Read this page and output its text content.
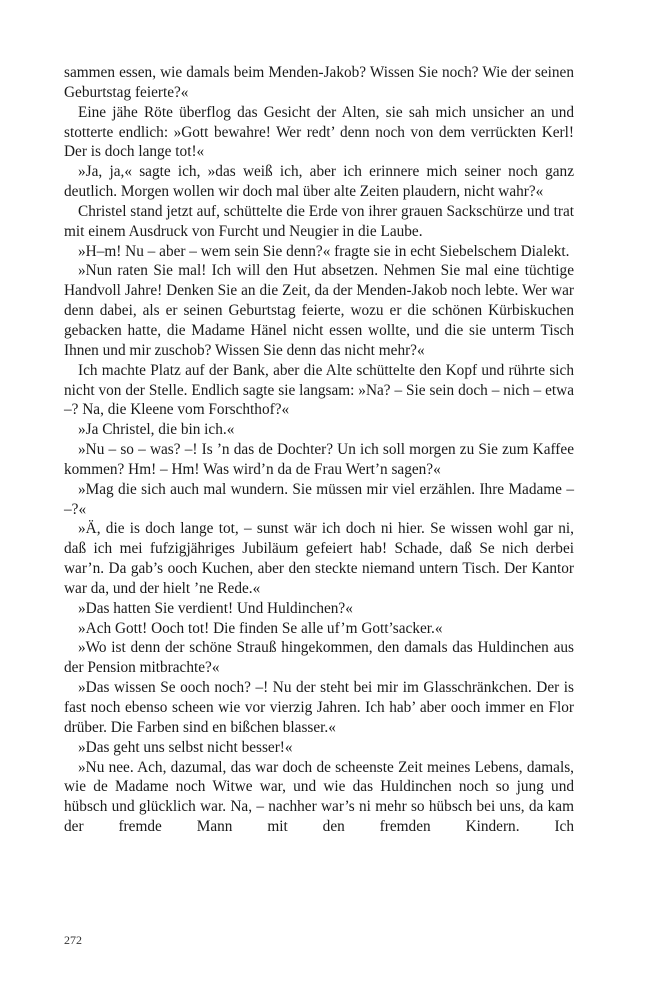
sammen essen, wie damals beim Menden-Jakob? Wissen Sie noch? Wie der seinen Geburtstag feierte?«

Eine jähe Röte überflog das Gesicht der Alten, sie sah mich unsicher an und stotterte endlich: »Gott bewahre! Wer redt’ denn noch von dem verrückten Kerl! Der is doch lange tot!«

»Ja, ja,« sagte ich, »das weiß ich, aber ich erinnere mich seiner noch ganz deutlich. Morgen wollen wir doch mal über alte Zeiten plaudern, nicht wahr?«

Christel stand jetzt auf, schüttelte die Erde von ihrer grauen Sackschürze und trat mit einem Ausdruck von Furcht und Neugier in die Laube.

»H–m! Nu – aber – wem sein Sie denn?« fragte sie in echt Siebelschem Dialekt.

»Nun raten Sie mal! Ich will den Hut absetzen. Nehmen Sie mal eine tüchtige Handvoll Jahre! Denken Sie an die Zeit, da der Menden-Jakob noch lebte. Wer war denn dabei, als er seinen Geburtstag feierte, wozu er die schönen Kürbiskuchen gebacken hatte, die Madame Hänel nicht essen wollte, und die sie unterm Tisch Ihnen und mir zuschob? Wissen Sie denn das nicht mehr?«

Ich machte Platz auf der Bank, aber die Alte schüttelte den Kopf und rührte sich nicht von der Stelle. Endlich sagte sie langsam: »Na? – Sie sein doch – nich – etwa –? Na, die Kleene vom Forschthof?«

»Ja Christel, die bin ich.«

»Nu – so – was? –! Is ’n das de Dochter? Un ich soll morgen zu Sie zum Kaffee kommen? Hm! – Hm! Was wird’n da de Frau Wert’n sagen?«

»Mag die sich auch mal wundern. Sie müssen mir viel erzählen. Ihre Madame – –?«

»Ä, die is doch lange tot, – sunst wär ich doch ni hier. Se wissen wohl gar ni, daß ich mei fufzigjähriges Jubiläum gefeiert hab! Schade, daß Se nich derbei war’n. Da gab’s ooch Kuchen, aber den steckte niemand untern Tisch. Der Kantor war da, und der hielt ’ne Rede.«

»Das hatten Sie verdient! Und Huldinchen?«

»Ach Gott! Ooch tot! Die finden Se alle uf’m Gott’sacker.«

»Wo ist denn der schöne Strauß hingekommen, den damals das Huldinchen aus der Pension mitbrachte?«

»Das wissen Se ooch noch? –! Nu der steht bei mir im Glasschränkchen. Der is fast noch ebenso scheen wie vor vierzig Jahren. Ich hab’ aber ooch immer en Flor drüber. Die Farben sind en bißchen blasser.«

»Das geht uns selbst nicht besser!«

»Nu nee. Ach, dazumal, das war doch de scheenste Zeit meines Lebens, damals, wie de Madame noch Witwe war, und wie das Huldinchen noch so jung und hübsch und glücklich war. Na, – nachher war’s ni mehr so hübsch bei uns, da kam der fremde Mann mit den fremden Kindern. Ich

272
